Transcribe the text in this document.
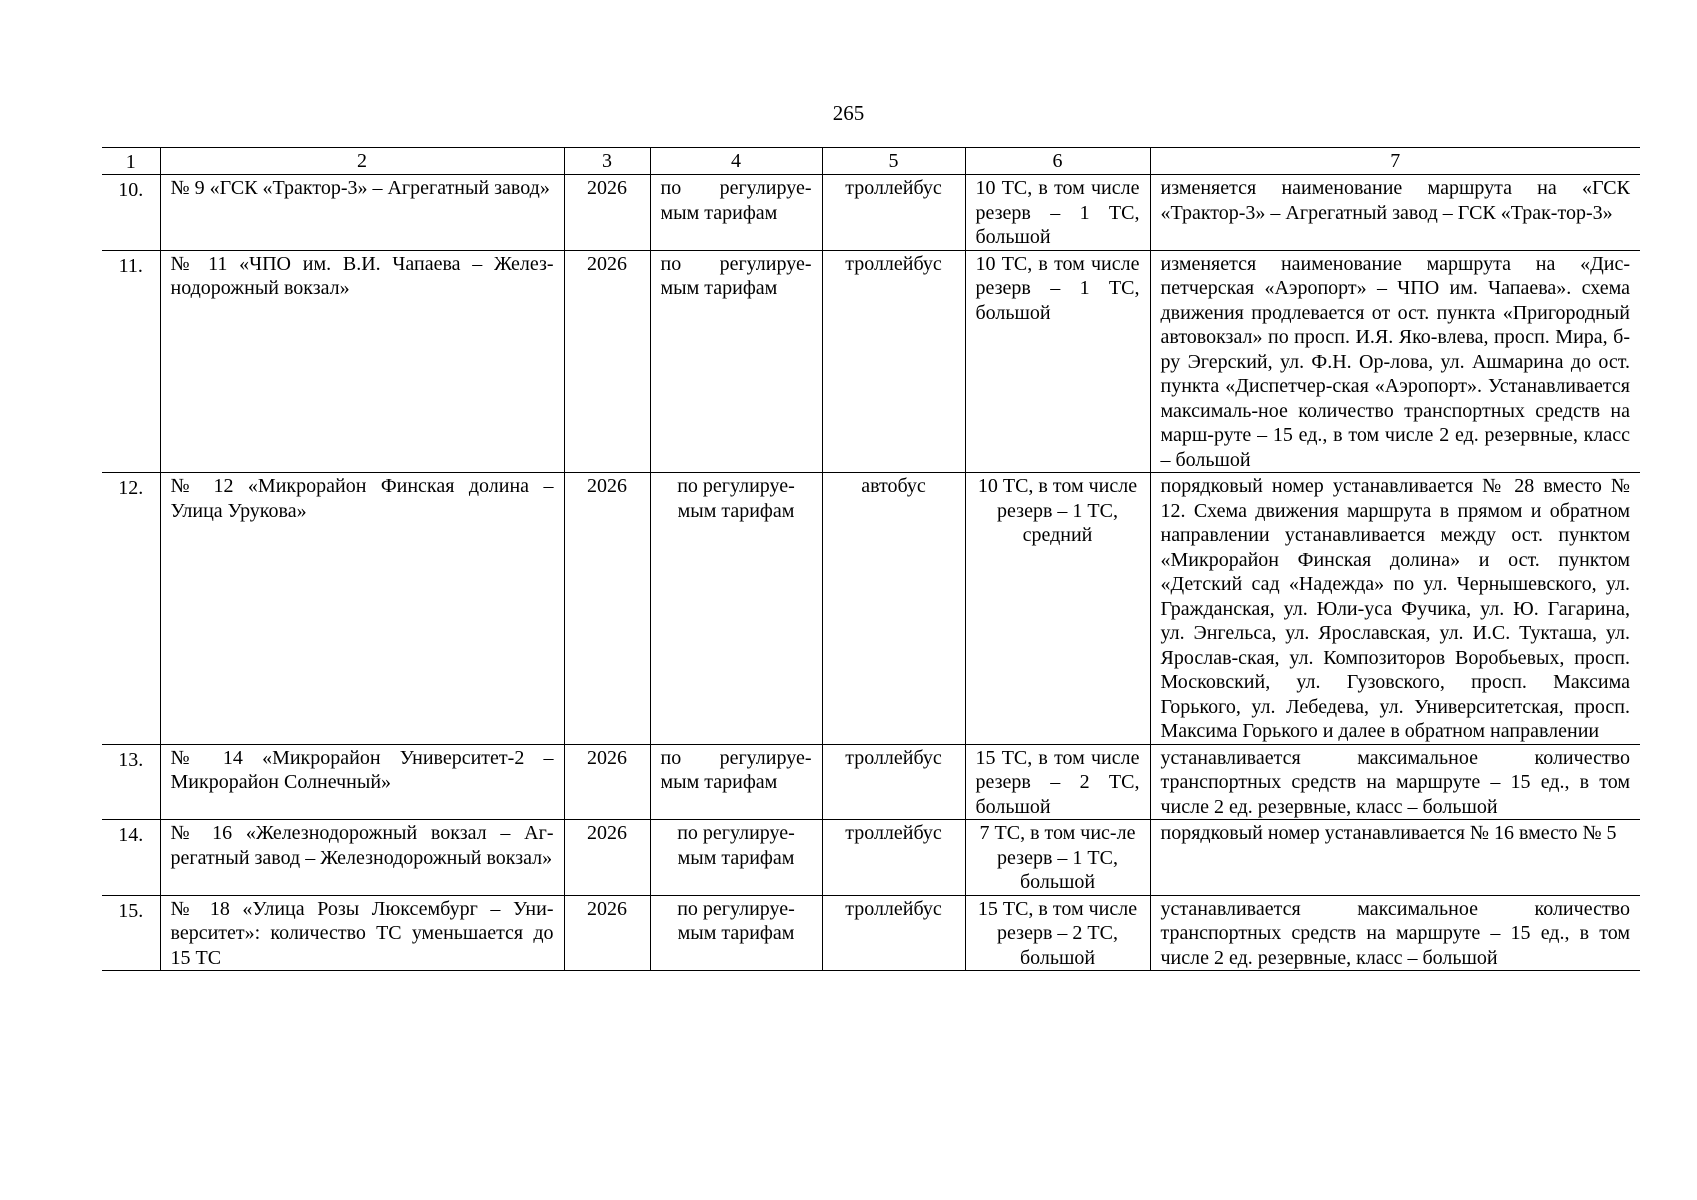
265
1	2	3	4	5	6	7
10.	№ 9 «ГСК «Трактор-3» – Агрегатный завод»	2026	по регулируе-мым тарифам	троллейбус	10 ТС, в том числе резерв – 1 ТС, большой	изменяется наименование маршрута на «ГСК «Трактор-3» – Агрегатный завод – ГСК «Трак-тор-3»
11.	№ 11 «ЧПО им. В.И. Чапаева – Желез-нодорожный вокзал»	2026	по регулируе-мым тарифам	троллейбус	10 ТС, в том числе резерв – 1 ТС, большой	изменяется наименование маршрута на «Дис-петчерская «Аэропорт» – ЧПО им. Чапаева». схема движения продлевается от ост. пункта «Пригородный автовокзал» по просп. И.Я. Яко-влева, просп. Мира, б-ру Эгерский, ул. Ф.Н. Ор-лова, ул. Ашмарина до ост. пункта «Диспетчер-ская «Аэропорт». Устанавливается максималь-ное количество транспортных средств на марш-руте – 15 ед., в том числе 2 ед. резервные, класс – большой
12.	№ 12 «Микрорайон Финская долина – Улица Урукова»	2026	по регулируе-мым тарифам	автобус	10 ТС, в том числе резерв – 1 ТС, средний	порядковый номер устанавливается № 28 вместо № 12. Схема движения маршрута в прямом и обратном направлении устанавливается между ост. пунктом «Микрорайон Финская долина» и ост. пунктом «Детский сад «Надежда» по ул. Чернышевского, ул. Гражданская, ул. Юли-уса Фучика, ул. Ю. Гагарина, ул. Энгельса, ул. Ярославская, ул. И.С. Тукташа, ул. Ярослав-ская, ул. Композиторов Воробьевых, просп. Московский, ул. Гузовского, просп. Максима Горького, ул. Лебедева, ул. Университетская, просп. Максима Горького и далее в обратном направлении
13.	№ 14 «Микрорайон Университет-2 – Микрорайон Солнечный»	2026	по регулируе-мым тарифам	троллейбус	15 ТС, в том числе резерв – 2 ТС, большой	устанавливается максимальное количество транспортных средств на маршруте – 15 ед., в том числе 2 ед. резервные, класс – большой
14.	№ 16 «Железнодорожный вокзал – Аг-регатный завод – Железнодорожный вокзал»	2026	по регулируе-мым тарифам	троллейбус	7 ТС, в том чис-ле резерв – 1 ТС, большой	порядковый номер устанавливается № 16 вместо № 5
15.	№ 18 «Улица Розы Люксембург – Уни-верситет»: количество ТС уменьшается до 15 ТС	2026	по регулируе-мым тарифам	троллейбус	15 ТС, в том числе резерв – 2 ТС, большой	устанавливается максимальное количество транспортных средств на маршруте – 15 ед., в том числе 2 ед. резервные, класс – большой
